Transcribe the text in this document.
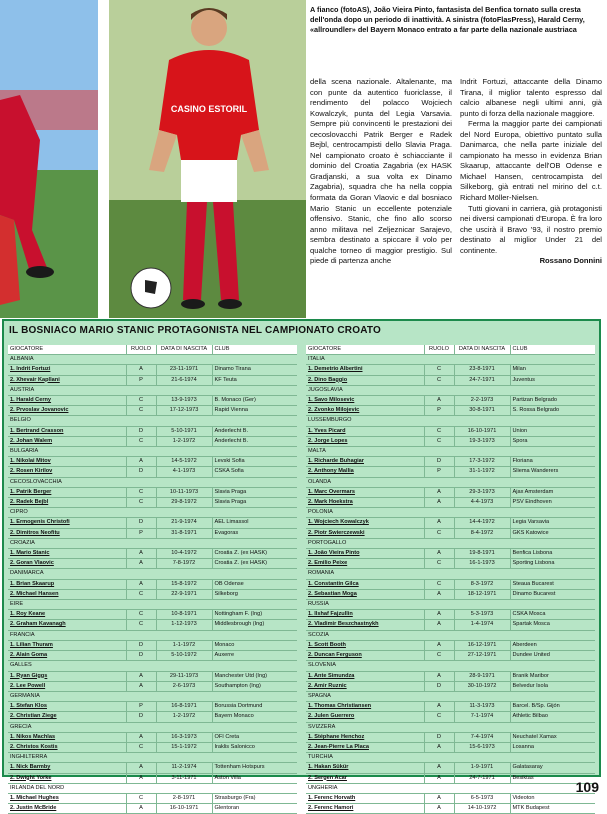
CASINO ESTORIL
A fianco (fotoAS), João Vieira Pinto, fantasista del Benfica tornato sulla cresta dell'onda dopo un periodo di inattività. A sinistra (fotoFlasPress), Harald Cerny, «allroundler» del Bayern Monaco entrato a far parte della nazionale austriaca

della scena nazionale. Altalenante, ma con punte da autentico fuoriclasse, il rendimento del polacco Wojciech Kowalczyk, punta del Legia Varsavia. Sempre più convincenti le prestazioni dei cecoslovacchi Patrik Berger e Radek Bejbl, centrocampisti dello Slavia Praga. Nel campionato croato è schiacciante il dominio del Croatia Zagabria (ex HASK Gradjanski, a sua volta ex Dinamo Zagabria), squadra che ha nella coppia formata da Goran Vlaovic e dal bosniaco Mario Stanic un eccellente potenziale offensivo. Stanic, che fino allo scorso anno militava nel Zeljeznicar Sarajevo, sembra destinato a spiccare il volo per qualche torneo di maggior prestigio. Sul piede di partenza anche

Indrit Fortuzi, attaccante della Dinamo Tirana, il miglior talento espresso dal calcio albanese negli ultimi anni, già punto di forza della nazionale maggiore.

Ferma la maggior parte dei campionati del Nord Europa, obiettivo puntato sulla Danimarca, che nella parte iniziale del campionato ha messo in evidenza Brian Skaarup, attaccante dell'OB Odense e Michael Hansen, centrocampista del Silkeborg, già entrati nel mirino del c.t. Richard Möller-Nielsen.

Tutti giovani in carriera, già protagonisti nei diversi campionati d'Europa. È fra loro che uscirà il Bravo '93, il nostro premio destinato al miglior Under 21 del continente.

Rossano Donnini

IL BOSNIACO MARIO STANIC PROTAGONISTA NEL CAMPIONATO CROATO
GIOCATORE	RUOLO	DATA DI NASCITA	CLUB
ALBANIA			
1. Indrit Fortuzi	A	23-11-1971	Dinamo Tirana
2. Xhevair Kapllani	P	21-6-1974	KF Teuta
AUSTRIA			
1. Harald Cerny	C	13-9-1973	B. Monaco (Ger)
2. Prvoslav Jovanovic	C	17-12-1973	Rapid Vienna
BELGIO			
1. Bertrand Crasson	D	5-10-1971	Anderlecht B.
2. Johan Walem	C	1-2-1972	Anderlecht B.
BULGARIA			
1. Nikolai Mitov	A	14-5-1972	Levski Sofia
2. Rosen Kirilov	D	4-1-1973	CSKA Sofia
CECOSLOVACCHIA			
1. Patrik Berger	C	10-11-1973	Slavia Praga
2. Radek Bejbl	C	29-8-1972	Slavia Praga
CIPRO			
1. Ermogenis Christofi	D	21-9-1974	AEL Limassol
2. Dimitros Neofitu	P	31-8-1971	Evagoras
CROAZIA			
1. Mario Stanic	A	10-4-1972	Croatia Z. (ex HASK)
2. Goran Vlaovic	A	7-8-1972	Croatia Z. (ex HASK)
DANIMARCA			
1. Brian Skaarup	A	15-8-1972	OB Odense
2. Michael Hansen	C	22-9-1971	Silkeborg
EIRE			
1. Roy Keane	C	10-8-1971	Nottingham F. (Ing)
2. Graham Kavanagh	C	1-12-1973	Middlesbrough (Ing)
FRANCIA			
1. Lilian Thuram	D	1-1-1972	Monaco
2. Alain Goma	D	5-10-1972	Auxerre
GALLES			
1. Ryan Giggs	A	29-11-1973	Manchester Utd (Ing)
2. Lee Powell	A	2-6-1973	Southampton (Ing)
GERMANIA			
1. Stefan Klos	P	16-8-1971	Borussia Dortmund
2. Christian Ziege	D	1-2-1972	Bayern Monaco
GRECIA			
1. Nikos Machlas	A	16-3-1973	OFI Creta
2. Christos Kostis	C	15-1-1972	Iraklis Salonicco
INGHILTERRA			
1. Nick Barmby	A	11-2-1974	Tottenham Hotspurs
2. Dwight Yorke	A	3-11-1971	Aston Villa
IRLANDA DEL NORD			
1. Michael Hughes	C	2-8-1971	Strasburgo (Fra)
2. Justin McBride	A	16-10-1971	Glentoran
GIOCATORE	RUOLO	DATA DI NASCITA	CLUB
ITALIA			
1. Demetrio Albertini	C	23-8-1971	Milan
2. Dino Baggio	C	24-7-1971	Juventus
JUGOSLAVIA			
1. Savo Milosevic	A	2-2-1973	Partizan Belgrado
2. Zvonko Milojevic	P	30-8-1971	S. Rossa Belgrado
LUSSEMBURGO			
1. Yves Picard	C	16-10-1971	Union
2. Jorge Lopes	C	19-3-1973	Spora
MALTA			
1. Richarde Buhagiar	D	17-3-1972	Floriana
2. Anthony Mallia	P	31-1-1972	Sliema Wanderers
OLANDA			
1. Marc Overmars	A	29-3-1973	Ajax Amsterdam
2. Mark Hoekstra	A	4-4-1973	PSV Eindhoven
POLONIA			
1. Wojciech Kowalczyk	A	14-4-1972	Legia Varsavia
2. Piotr Swierczewski	C	8-4-1972	GKS Katowice
PORTOGALLO			
1. João Vieira Pinto	A	19-8-1971	Benfica Lisbona
2. Emilio Peixe	C	16-1-1973	Sporting Lisbona
ROMANIA			
1. Constantin Gilca	C	8-3-1972	Steaua Bucarest
2. Sebastian Moga	A	18-12-1971	Dinamo Bucarest
RUSSIA			
1. Ilshaf Fajzullin	A	5-3-1973	CSKA Mosca
2. Vladimir Beszchastnykh	A	1-4-1974	Spartak Mosca
SCOZIA			
1. Scott Booth	A	16-12-1971	Aberdeen
2. Duncan Ferguson	C	27-12-1971	Dundee United
SLOVENIA			
1. Ante Simundza	A	28-9-1971	Branik Maribor
2. Amir Ruznic	D	30-10-1972	Belvedur Isola
SPAGNA			
1. Thomas Christiansen	A	11-3-1973	Barcel. B/Sp. Gijón
2. Julen Guerrero	C	7-1-1974	Athletic Bilbao
SVIZZERA			
1. Stéphane Henchoz	D	7-4-1974	Neuchatel Xamax
2. Jean-Pierre La Placa	A	15-6-1973	Losanna
TURCHIA			
1. Hakan Sükür	A	1-9-1971	Galatasaray
2. Sergen Acar	A	24-7-1971	Besiktas
UNGHERIA			
1. Ferenc Horvath	A	6-5-1973	Videoton
2. Ferenc Hamori	A	14-10-1972	MTK Budapest
109
